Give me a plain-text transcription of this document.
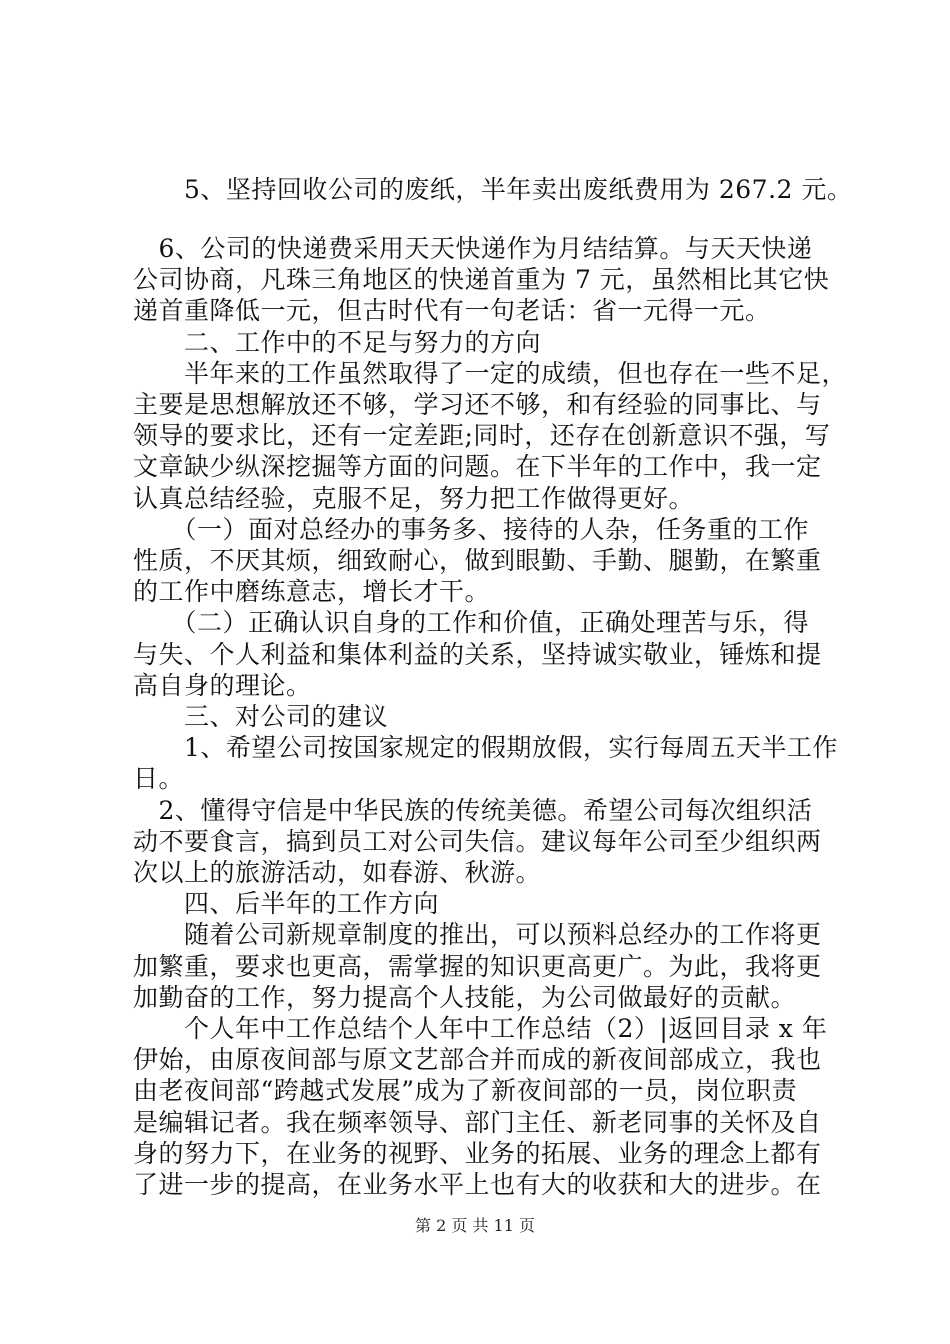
　　5、坚持回收公司的废纸，半年卖出废纸费用为 267.2 元。
　6、公司的快递费采用天天快递作为月结结算。与天天快递
公司协商，凡珠三角地区的快递首重为 7 元，虽然相比其它快
递首重降低一元，但古时代有一句老话：省一元得一元。
　　二、工作中的不足与努力的方向
　　半年来的工作虽然取得了一定的成绩，但也存在一些不足，
主要是思想解放还不够，学习还不够，和有经验的同事比、与
领导的要求比，还有一定差距;同时，还存在创新意识不强，写
文章缺少纵深挖掘等方面的问题。在下半年的工作中，我一定
认真总结经验，克服不足，努力把工作做得更好。
　　（一）面对总经办的事务多、接待的人杂，任务重的工作
性质，不厌其烦，细致耐心，做到眼勤、手勤、腿勤，在繁重
的工作中磨练意志，增长才干。
　　（二）正确认识自身的工作和价值，正确处理苦与乐，得
与失、个人利益和集体利益的关系，坚持诚实敬业，锤炼和提
高自身的理论。
　　三、对公司的建议
　　1、希望公司按国家规定的假期放假，实行每周五天半工作
日。
　2、懂得守信是中华民族的传统美德。希望公司每次组织活
动不要食言，搞到员工对公司失信。建议每年公司至少组织两
次以上的旅游活动，如春游、秋游。
　　四、后半年的工作方向
　　随着公司新规章制度的推出，可以预料总经办的工作将更
加繁重，要求也更高，需掌握的知识更高更广。为此，我将更
加勤奋的工作，努力提高个人技能，为公司做最好的贡献。
　　个人年中工作总结个人年中工作总结（2）|返回目录 x 年
伊始，由原夜间部与原文艺部合并而成的新夜间部成立，我也
由老夜间部“跨越式发展”成为了新夜间部的一员，岗位职责
是编辑记者。我在频率领导、部门主任、新老同事的关怀及自
身的努力下，在业务的视野、业务的拓展、业务的理念上都有
了进一步的提高，在业务水平上也有大的收获和大的进步。在
第 2 页 共 11 页
